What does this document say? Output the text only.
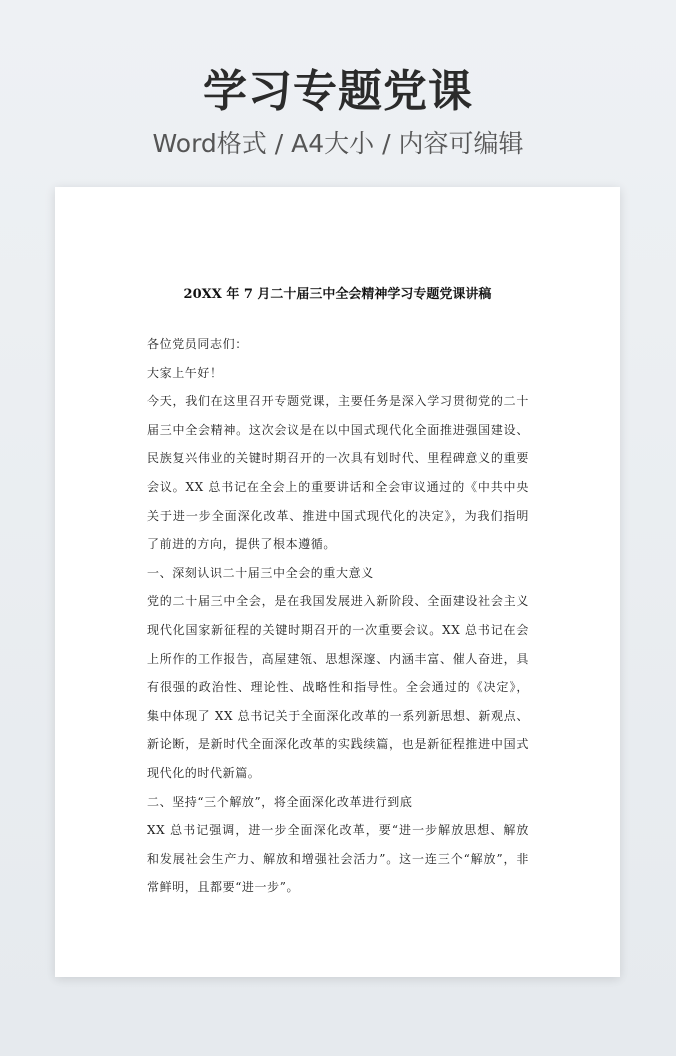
学习专题党课
Word格式 / A4大小 / 内容可编辑
20XX 年 7 月二十届三中全会精神学习专题党课讲稿

各位党员同志们：

大家上午好！

今天，我们在这里召开专题党课，主要任务是深入学习贯彻党的二十届三中全会精神。这次会议是在以中国式现代化全面推进强国建设、民族复兴伟业的关键时期召开的一次具有划时代、里程碑意义的重要会议。XX 总书记在全会上的重要讲话和全会审议通过的《中共中央关于进一步全面深化改革、推进中国式现代化的决定》，为我们指明了前进的方向，提供了根本遵循。

一、深刻认识二十届三中全会的重大意义

党的二十届三中全会，是在我国发展进入新阶段、全面建设社会主义现代化国家新征程的关键时期召开的一次重要会议。XX 总书记在会上所作的工作报告，高屋建瓴、思想深邃、内涵丰富、催人奋进，具有很强的政治性、理论性、战略性和指导性。全会通过的《决定》，集中体现了 XX 总书记关于全面深化改革的一系列新思想、新观点、新论断，是新时代全面深化改革的实践续篇，也是新征程推进中国式现代化的时代新篇。

二、坚持“三个解放”，将全面深化改革进行到底

XX 总书记强调，进一步全面深化改革，要“进一步解放思想、解放和发展社会生产力、解放和增强社会活力”。这一连三个“解放”，非常鲜明，且都要“进一步”。
